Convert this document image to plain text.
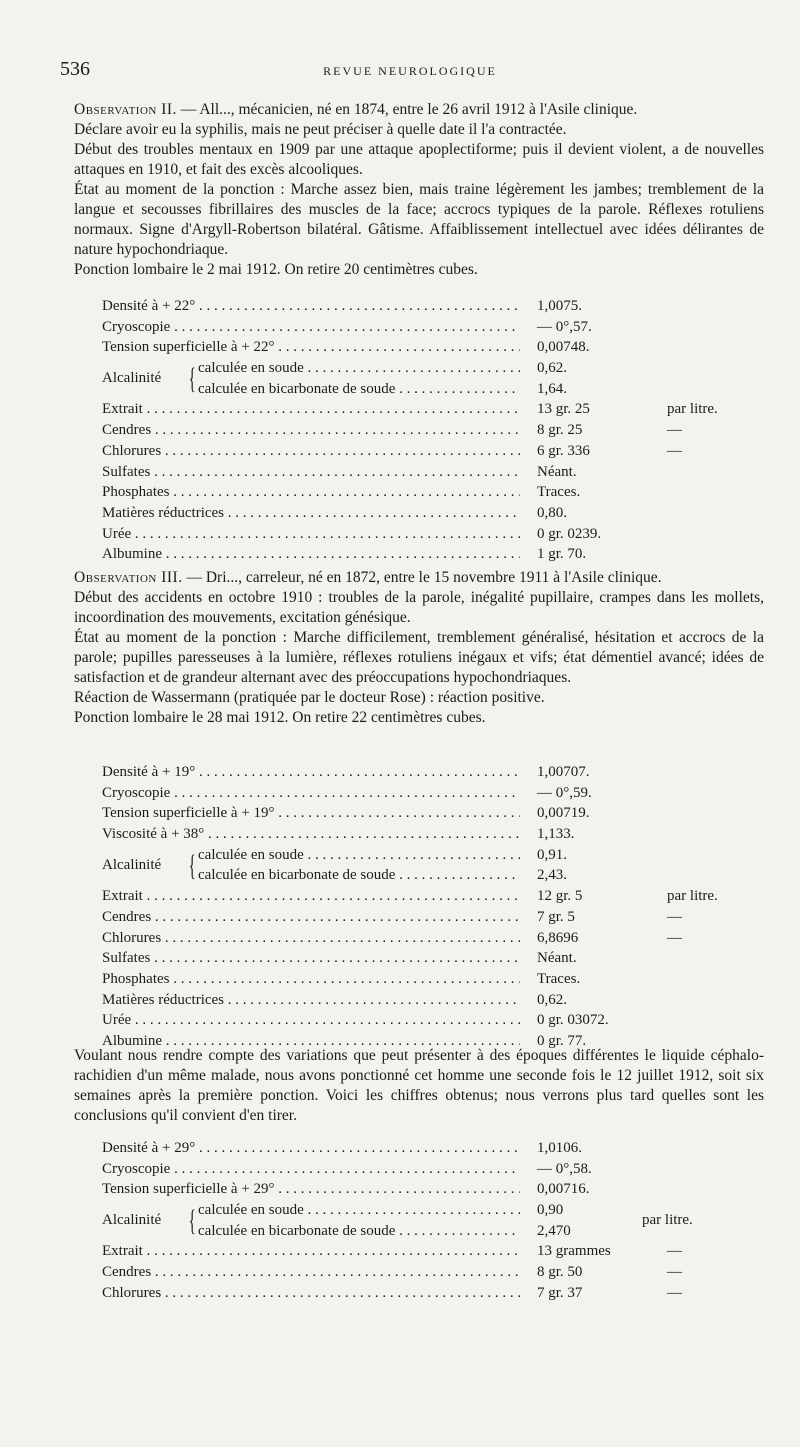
536	REVUE NEUROLOGIQUE
Observation II. — All..., mécanicien, né en 1874, entre le 26 avril 1912 à l'Asile clinique.
Déclare avoir eu la syphilis, mais ne peut préciser à quelle date il l'a contractée.
Début des troubles mentaux en 1909 par une attaque apoplectiforme; puis il devient violent, a de nouvelles attaques en 1910, et fait des excès alcooliques.
État au moment de la ponction : Marche assez bien, mais traine légèrement les jambes; tremblement de la langue et secousses fibrillaires des muscles de la face; accrocs typiques de la parole. Réflexes rotuliens normaux. Signe d'Argyll-Robertson bilatéral. Gâtisme. Affaiblissement intellectuel avec idées délirantes de nature hypochondriaque.
Ponction lombaire le 2 mai 1912. On retire 20 centimètres cubes.
Densité à + 22° . . .	1,0075.
Cryoscopie . . .	— 0°,57.
Tension superficielle à + 22° . . .	0,00748.
Alcalinité { calculée en soude . . .	0,62.
calculée en bicarbonate de soude . . .	1,64.
Extrait . . .	13 gr. 25	par litre.
Cendres . . .	8 gr. 25	—
Chlorures . . .	6 gr. 336	—
Sulfates . . .	Néant.
Phosphates . . .	Traces.
Matières réductrices . . .	0,80.
Urée . . .	0 gr. 0239.
Albumine . . .	1 gr. 70.
Observation III. — Dri..., carreleur, né en 1872, entre le 15 novembre 1911 à l'Asile clinique.
Début des accidents en octobre 1910 : troubles de la parole, inégalité pupillaire, crampes dans les mollets, incoordination des mouvements, excitation génésique.
État au moment de la ponction : Marche difficilement, tremblement généralisé, hésitation et accrocs de la parole; pupilles paresseuses à la lumière, réflexes rotuliens inégaux et vifs; état démentiel avancé; idées de satisfaction et de grandeur alternant avec des préoccupations hypochondriaques.
Réaction de Wassermann (pratiquée par le docteur Rose) : réaction positive.
Ponction lombaire le 28 mai 1912. On retire 22 centimètres cubes.
Densité à + 19° . . .	1,00707.
Cryoscopie . . .	— 0°,59.
Tension superficielle à + 19° . . .	0,00719.
Viscosité à + 38° . . .	1,133.
Alcalinité { calculée en soude . . .	0,91.
calculée en bicarbonate de soude . . .	2,43.
Extrait . . .	12 gr. 5	par litre.
Cendres . . .	7 gr. 5	—
Chlorures . . .	6,8696	—
Sulfates . . .	Néant.
Phosphates . . .	Traces.
Matières réductrices . . .	0,62.
Urée . . .	0 gr. 03072.
Albumine . . .	0 gr. 77.
Voulant nous rendre compte des variations que peut présenter à des époques différentes le liquide céphalo-rachidien d'un même malade, nous avons ponctionné cet homme une seconde fois le 12 juillet 1912, soit six semaines après la première ponction. Voici les chiffres obtenus; nous verrons plus tard quelles sont les conclusions qu'il convient d'en tirer.
Densité à + 29° . . .	1,0106.
Cryoscopie . . .	— 0°,58.
Tension superficielle à + 29° . . .	0,00716.
Alcalinité { calculée en soude . . .	0,90
calculée en bicarbonate de soude . . .	2,470
par litre.
Extrait . . .	13 grammes	—
Cendres . . .	8 gr. 50	—
Chlorures . . .	7 gr. 37	—
